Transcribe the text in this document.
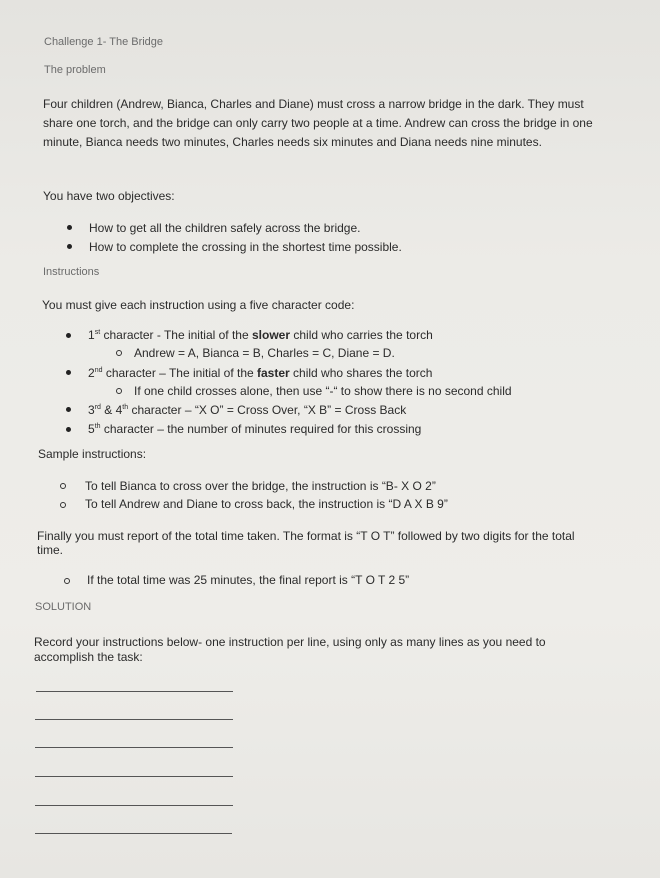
Challenge 1- The Bridge
The problem
Four children (Andrew, Bianca, Charles and Diane) must cross a narrow bridge in the dark. They must
share one torch, and the bridge can only carry two people at a time. Andrew can cross the bridge in one
minute, Bianca needs two minutes, Charles needs six minutes and Diana needs nine minutes.
You have two objectives:
How to get all the children safely across the bridge.
How to complete the crossing in the shortest time possible.
Instructions
You must give each instruction using a five character code:
1st character - The initial of the slower child who carries the torch
Andrew = A, Bianca = B, Charles = C, Diane = D.
2nd character – The initial of the faster child who shares the torch
If one child crosses alone, then use “-“ to show there is no second child
3rd & 4th character – “X O” = Cross Over, “X B” = Cross Back
5th character – the number of minutes required for this crossing
Sample instructions:
To tell Bianca to cross over the bridge, the instruction is “B- X O 2”
To tell Andrew and Diane to cross back, the instruction is “D A X B 9”
Finally you must report of the total time taken. The format is “T O T” followed by two digits for the total
time.
If the total time was 25 minutes, the final report is “T O T 2 5”
SOLUTION
Record your instructions below- one instruction per line, using only as many lines as you need to
accomplish the task:
